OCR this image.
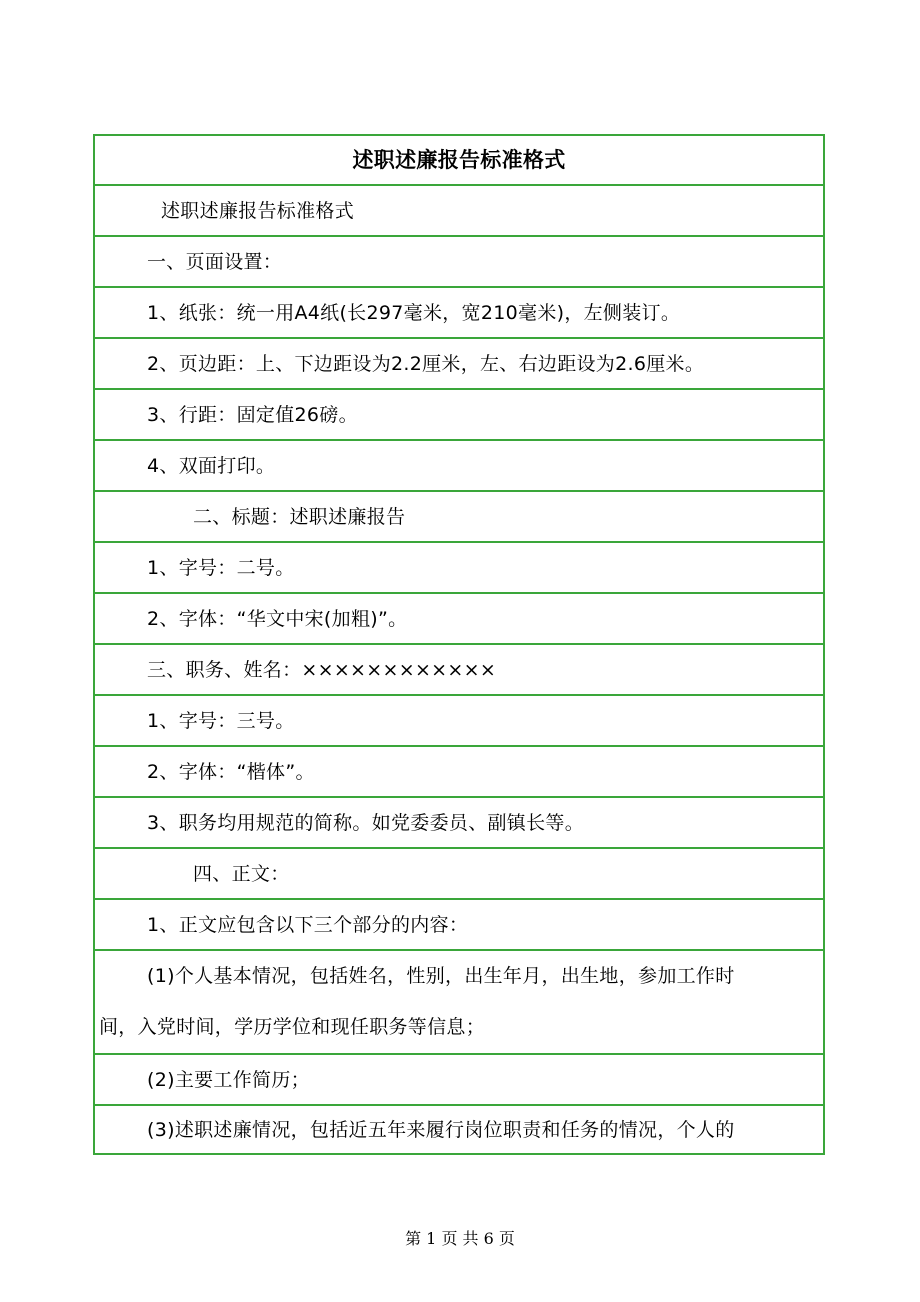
述职述廉报告标准格式
述职述廉报告标准格式
一、页面设置：
1、纸张：统一用A4纸(长297毫米，宽210毫米)，左侧装订。
2、页边距：上、下边距设为2.2厘米，左、右边距设为2.6厘米。
3、行距：固定值26磅。
4、双面打印。
二、标题：述职述廉报告
1、字号：二号。
2、字体：“华文中宋(加粗)”。
三、职务、姓名：××××××××××××
1、字号：三号。
2、字体：“楷体”。
3、职务均用规范的简称。如党委委员、副镇长等。
四、正文：
1、正文应包含以下三个部分的内容：
(1)个人基本情况，包括姓名，性别，出生年月，出生地，参加工作时
间，入党时间，学历学位和现任职务等信息；
(2)主要工作简历；
(3)述职述廉情况，包括近五年来履行岗位职责和任务的情况，个人的
第 1 页 共 6 页
